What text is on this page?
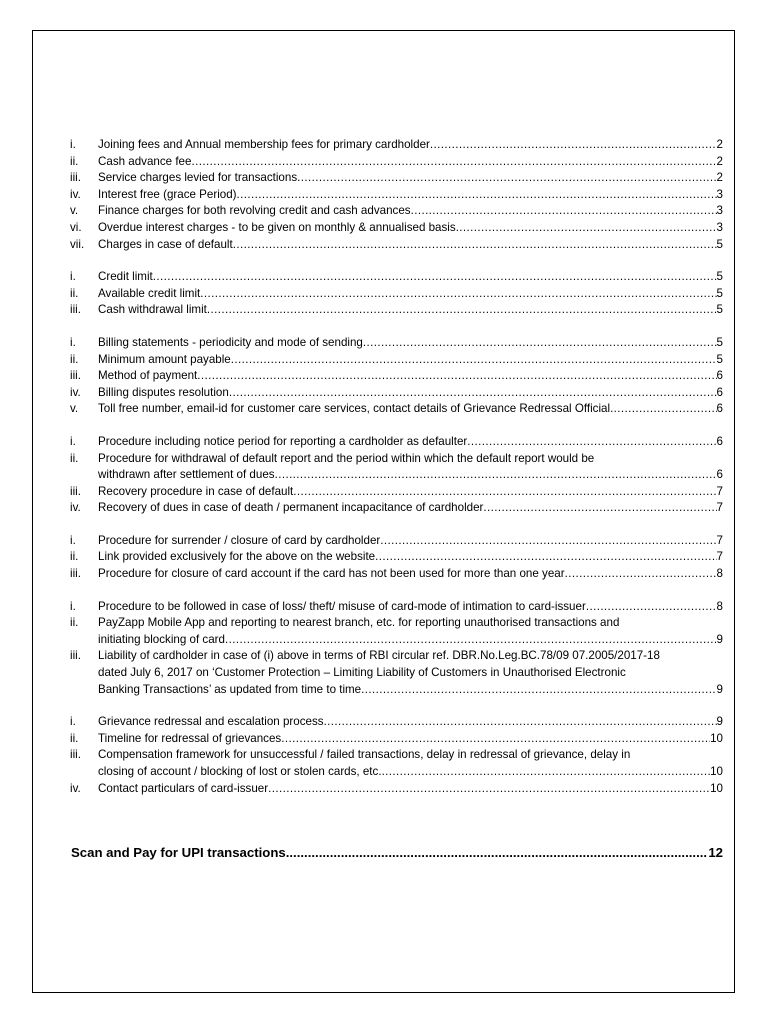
i.	Joining fees and Annual membership fees for primary cardholder .....	2
ii.	Cash advance fee .....	2
iii.	Service charges levied for transactions .....	2
iv.	Interest free (grace Period) .....	3
v.	Finance charges for both revolving credit and cash advances .....	3
vi.	Overdue interest charges - to be given on monthly & annualised basis .....	3
vii.	Charges in case of default .....	5
i.	Credit limit .....	5
ii.	Available credit limit .....	5
iii.	Cash withdrawal limit .....	5
i.	Billing statements - periodicity and mode of sending .....	5
ii.	Minimum amount payable .....	5
iii.	Method of payment .....	6
iv.	Billing disputes resolution .....	6
v.	Toll free number, email-id for customer care services, contact details of Grievance Redressal Official .....	6
i.	Procedure including notice period for reporting a cardholder as defaulter .....	6
ii.	Procedure for withdrawal of default report and the period within which the default report would be
withdrawn after settlement of dues .....	6
iii.	Recovery procedure in case of default .....	7
iv.	Recovery of dues in case of death / permanent incapacitance of cardholder .....	7
i.	Procedure for surrender / closure of card by cardholder .....	7
ii.	Link provided exclusively for the above on the website .....	7
iii.	Procedure for closure of card account if the card has not been used for more than one year .....	8
i.	Procedure to be followed in case of loss/ theft/ misuse of card-mode of intimation to card-issuer .....	8
ii.	PayZapp Mobile App and reporting to nearest branch, etc. for reporting unauthorised transactions and
initiating blocking of card .....	9
iii.	Liability of cardholder in case of (i) above in terms of RBI circular ref. DBR.No.Leg.BC.78/09 07.2005/2017-18
dated July 6, 2017 on ‘Customer Protection – Limiting Liability of Customers in Unauthorised Electronic
Banking Transactions’ as updated from time to time .....	9
i.	Grievance redressal and escalation process .....	9
ii.	Timeline for redressal of grievances .....	10
iii.	Compensation framework for unsuccessful / failed transactions, delay in redressal of grievance, delay in
closing of account / blocking of lost or stolen cards, etc. .....	10
iv.	Contact particulars of card-issuer .....	10
Scan and Pay for UPI transactions .....	12
